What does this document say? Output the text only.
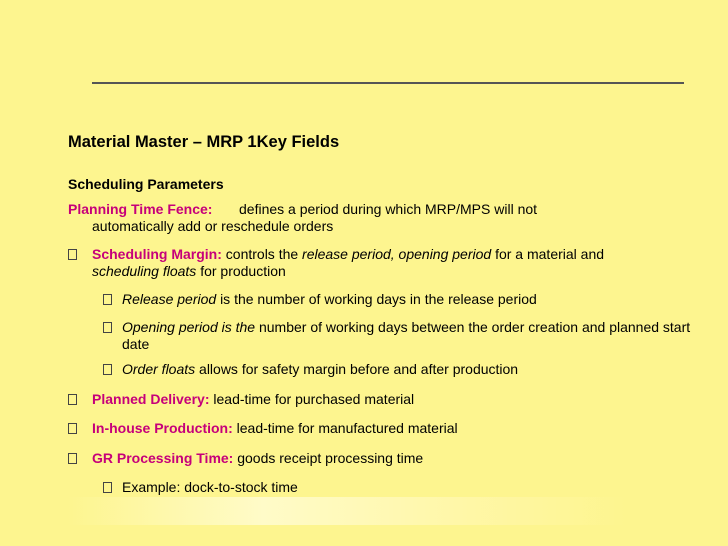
Material Master – MRP 1Key Fields
Scheduling Parameters

Planning Time Fence:	defines a period during which MRP/MPS will not
automatically add or reschedule orders
Scheduling Margin: controls the release period, opening period for a material and scheduling floats for production
Release period is the number of working days in the release period
Opening period is the number of working days between the order creation and planned start date
Order floats allows for safety margin before and after production
Planned Delivery: lead-time for purchased material
In-house Production: lead-time for manufactured material
GR Processing Time: goods receipt processing time
Example: dock-to-stock time
